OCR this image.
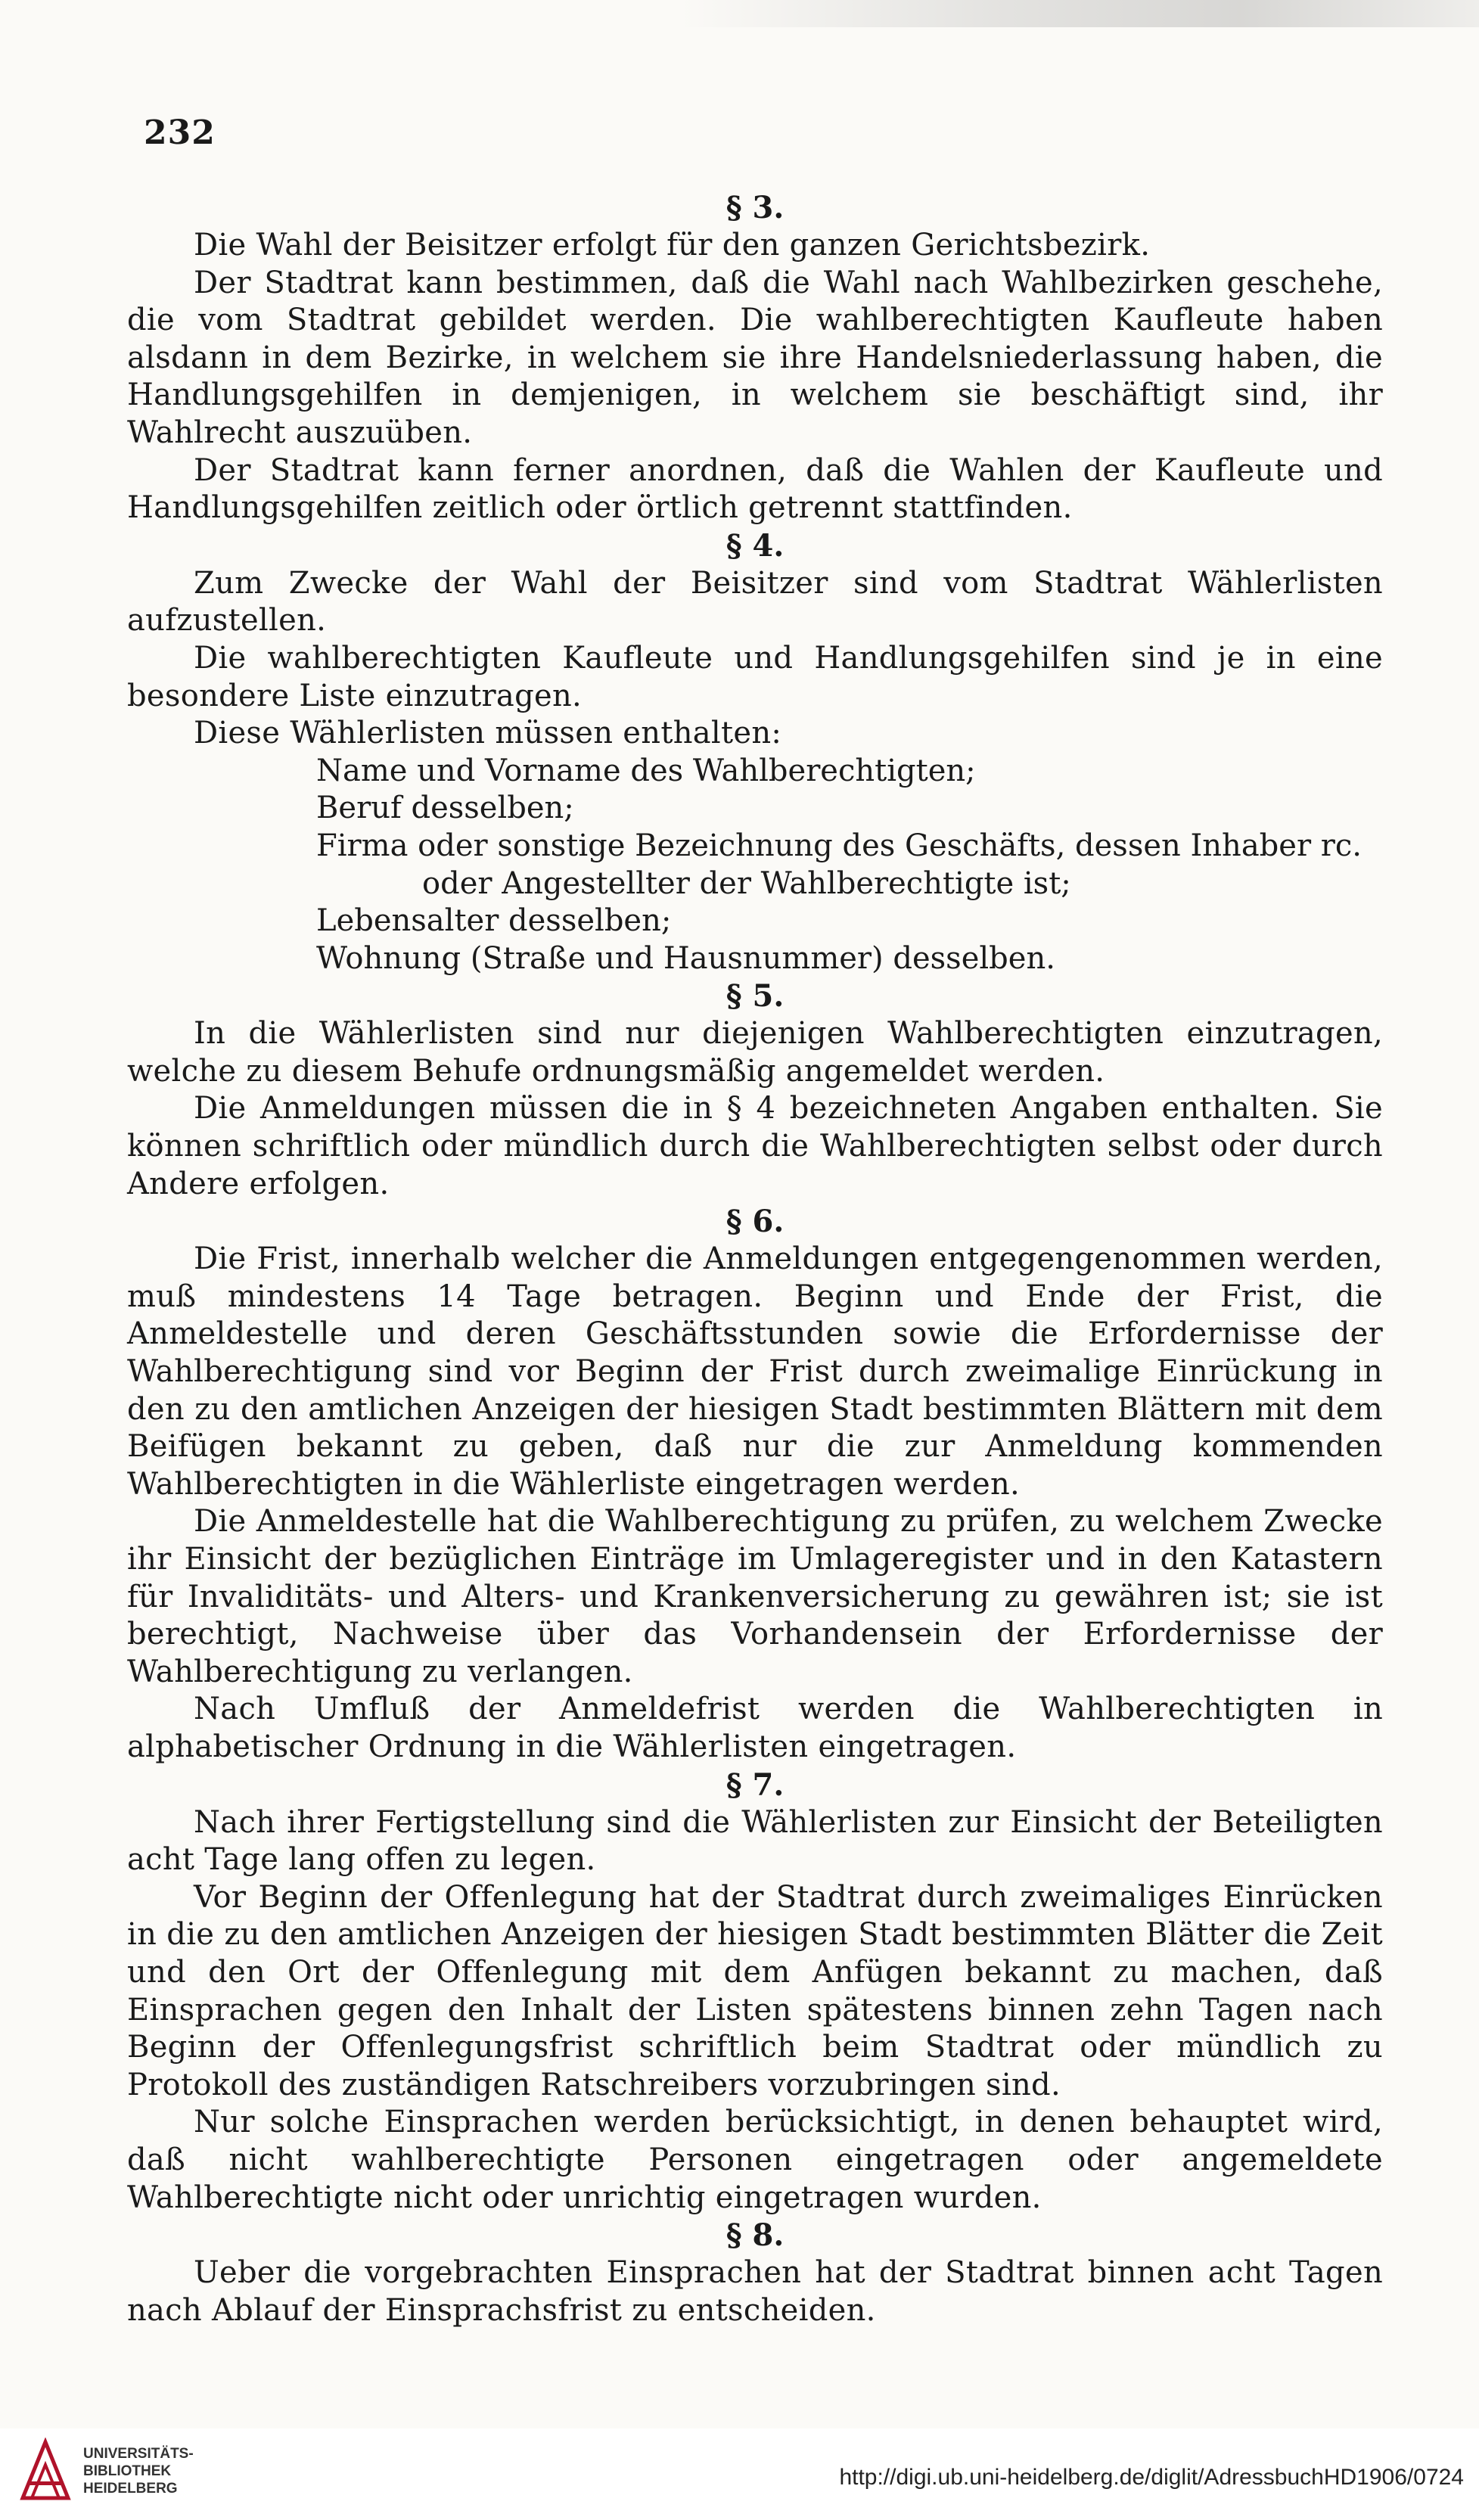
232

§ 3.

Die Wahl der Beisitzer erfolgt für den ganzen Gerichtsbezirk.

Der Stadtrat kann bestimmen, daß die Wahl nach Wahlbezirken geschehe, die vom Stadtrat gebildet werden. Die wahlberechtigten Kaufleute haben alsdann in dem Bezirke, in welchem sie ihre Handelsniederlassung haben, die Handlungsgehilfen in demjenigen, in welchem sie beschäftigt sind, ihr Wahlrecht auszuüben.

Der Stadtrat kann ferner anordnen, daß die Wahlen der Kaufleute und Handlungsgehilfen zeitlich oder örtlich getrennt stattfinden.

§ 4.

Zum Zwecke der Wahl der Beisitzer sind vom Stadtrat Wählerlisten aufzustellen.

Die wahlberechtigten Kaufleute und Handlungsgehilfen sind je in eine besondere Liste einzutragen.

Diese Wählerlisten müssen enthalten:

Name und Vorname des Wahlberechtigten;
Beruf desselben;
Firma oder sonstige Bezeichnung des Geschäfts, dessen Inhaber rc.
oder Angestellter der Wahlberechtigte ist;
Lebensalter desselben;
Wohnung (Straße und Hausnummer) desselben.

§ 5.

In die Wählerlisten sind nur diejenigen Wahlberechtigten einzutragen, welche zu diesem Behufe ordnungsmäßig angemeldet werden.

Die Anmeldungen müssen die in § 4 bezeichneten Angaben enthalten. Sie können schriftlich oder mündlich durch die Wahlberechtigten selbst oder durch Andere erfolgen.

§ 6.

Die Frist, innerhalb welcher die Anmeldungen entgegengenommen werden, muß mindestens 14 Tage betragen. Beginn und Ende der Frist, die Anmeldestelle und deren Geschäftsstunden sowie die Erfordernisse der Wahlberechtigung sind vor Beginn der Frist durch zweimalige Einrückung in den zu den amtlichen Anzeigen der hiesigen Stadt bestimmten Blättern mit dem Beifügen bekannt zu geben, daß nur die zur Anmeldung kommenden Wahlberechtigten in die Wählerliste eingetragen werden.

Die Anmeldestelle hat die Wahlberechtigung zu prüfen, zu welchem Zwecke ihr Einsicht der bezüglichen Einträge im Umlageregister und in den Katastern für Invaliditäts- und Alters- und Krankenversicherung zu gewähren ist; sie ist berechtigt, Nachweise über das Vorhandensein der Erfordernisse der Wahlberechtigung zu verlangen.

Nach Umfluß der Anmeldefrist werden die Wahlberechtigten in alphabetischer Ordnung in die Wählerlisten eingetragen.

§ 7.

Nach ihrer Fertigstellung sind die Wählerlisten zur Einsicht der Beteiligten acht Tage lang offen zu legen.

Vor Beginn der Offenlegung hat der Stadtrat durch zweimaliges Einrücken in die zu den amtlichen Anzeigen der hiesigen Stadt bestimmten Blätter die Zeit und den Ort der Offenlegung mit dem Anfügen bekannt zu machen, daß Einsprachen gegen den Inhalt der Listen spätestens binnen zehn Tagen nach Beginn der Offenlegungsfrist schriftlich beim Stadtrat oder mündlich zu Protokoll des zuständigen Ratschreibers vorzubringen sind.

Nur solche Einsprachen werden berücksichtigt, in denen behauptet wird, daß nicht wahlberechtigte Personen eingetragen oder angemeldete Wahlberechtigte nicht oder unrichtig eingetragen wurden.

§ 8.

Ueber die vorgebrachten Einsprachen hat der Stadtrat binnen acht Tagen nach Ablauf der Einsprachsfrist zu entscheiden.

UNIVERSITÄTS-
BIBLIOTHEK
HEIDELBERG	http://digi.ub.uni-heidelberg.de/diglit/AdressbuchHD1906/0724
